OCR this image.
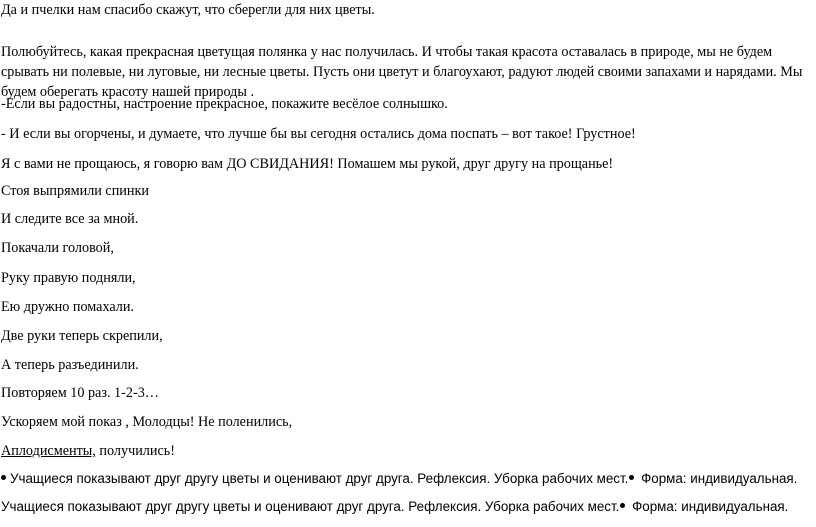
Да и пчелки нам спасибо скажут, что сберегли для них цветы.

Полюбуйтесь, какая прекрасная цветущая полянка у нас получилась. И чтобы такая красота оставалась в природе, мы не будем срывать ни полевые, ни луговые, ни лесные цветы. Пусть они цветут и благоухают, радуют людей своими запахами и нарядами. Мы будем оберегать красоту нашей природы .

-Если вы радостны, настроение прекрасное, покажите весёлое солнышко.

- И если вы огорчены, и думаете, что лучше бы вы сегодня остались дома поспать – вот такое! Грустное!

Я с вами не прощаюсь, я говорю вам ДО СВИДАНИЯ! Помашем мы рукой, друг другу на прощанье!

Стоя выпрямили спинки

И следите все за мной.

Покачали головой,

Руку правую подняли,

Ею дружно помахали.

Две руки теперь скрепили,

А теперь разъединили.

Повторяем 10 раз. 1-2-3…

Ускоряем мой показ , Молодцы! Не поленились,

Аплодисменты, получились!

Учащиеся показывают друг другу цветы и оценивают друг друга. Рефлексия. Уборка рабочих мест. Форма: индивидуальная.

Учащиеся показывают друг другу цветы и оценивают друг друга. Рефлексия. Уборка рабочих мест. Форма: индивидуальная.
